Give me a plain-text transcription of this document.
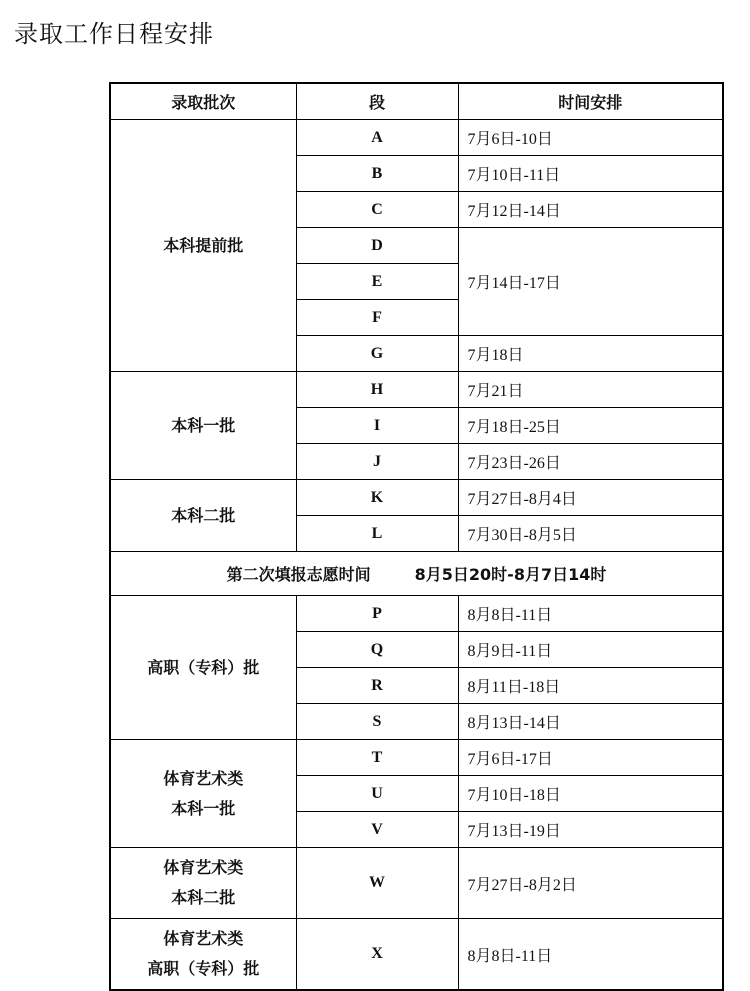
录取工作日程安排
录取批次	段	时间安排

本科提前批	A	7月6日-10日
	B	7月10日-11日
	C	7月12日-14日
	D	7月14日-17日
	E	
	F	
	G	7月18日

本科一批	H	7月21日
	I	7月18日-25日
	J	7月23日-26日

本科二批	K	7月27日-8月4日
	L	7月30日-8月5日
第二次填报志愿时间 8月5日20时-8月7日14时		

高职（专科）批	P	8月8日-11日
	Q	8月9日-11日
	R	8月11日-18日
	S	8月13日-14日

体育艺术类
本科一批	T	7月6日-17日
	U	7月10日-18日
	V	7月13日-19日

体育艺术类
本科二批	W	7月27日-8月2日

体育艺术类
高职（专科）批	X	8月8日-11日
